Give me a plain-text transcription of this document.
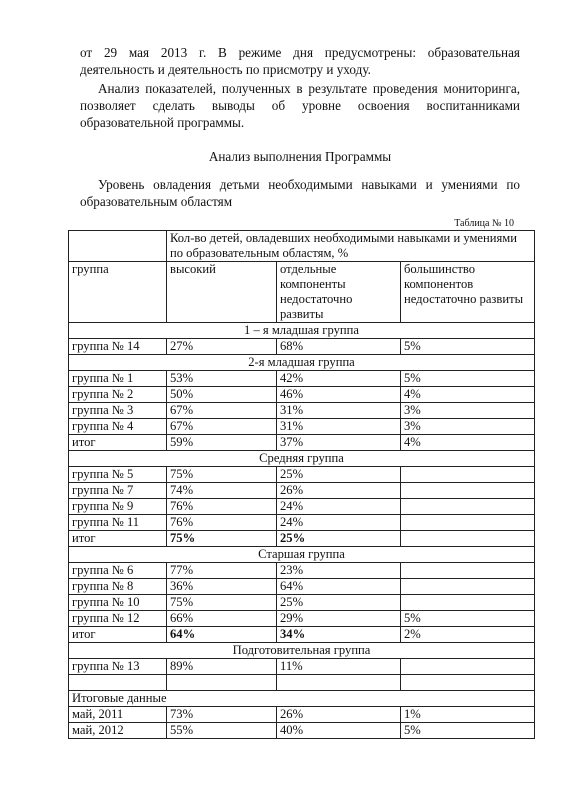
от 29 мая 2013 г. В режиме дня предусмотрены: образовательная деятельность и деятельность по присмотру и уходу.

Анализ показателей, полученных в результате проведения мониторинга, позволяет сделать выводы об уровне освоения воспитанниками образовательной программы.

Анализ выполнения Программы

Уровень овладения детьми необходимыми навыками и умениями по образовательным областям

Таблица № 10
	Кол-во детей, овладевших необходимыми навыками и умениями по образовательным областям, %		
группа	высокий	отдельные компоненты недостаточно развиты	большинство компонентов недостаточно развиты
1 – я младшая группа			
группа № 14	27%	68%	5%
2-я младшая группа			
группа № 1	53%	42%	5%
группа № 2	50%	46%	4%
группа № 3	67%	31%	3%
группа № 4	67%	31%	3%
итог	59%	37%	4%
Средняя группа			
группа № 5	75%	25%	
группа № 7	74%	26%	
группа № 9	76%	24%	
группа № 11	76%	24%	
итог	75%	25%	
Старшая группа			
группа № 6	77%	23%	
группа № 8	36%	64%	
группа № 10	75%	25%	
группа № 12	66%	29%	5%
итог	64%	34%	2%
Подготовительная группа			
группа № 13	89%	11%	

Итоговые данные			
май, 2011	73%	26%	1%
май, 2012	55%	40%	5%
